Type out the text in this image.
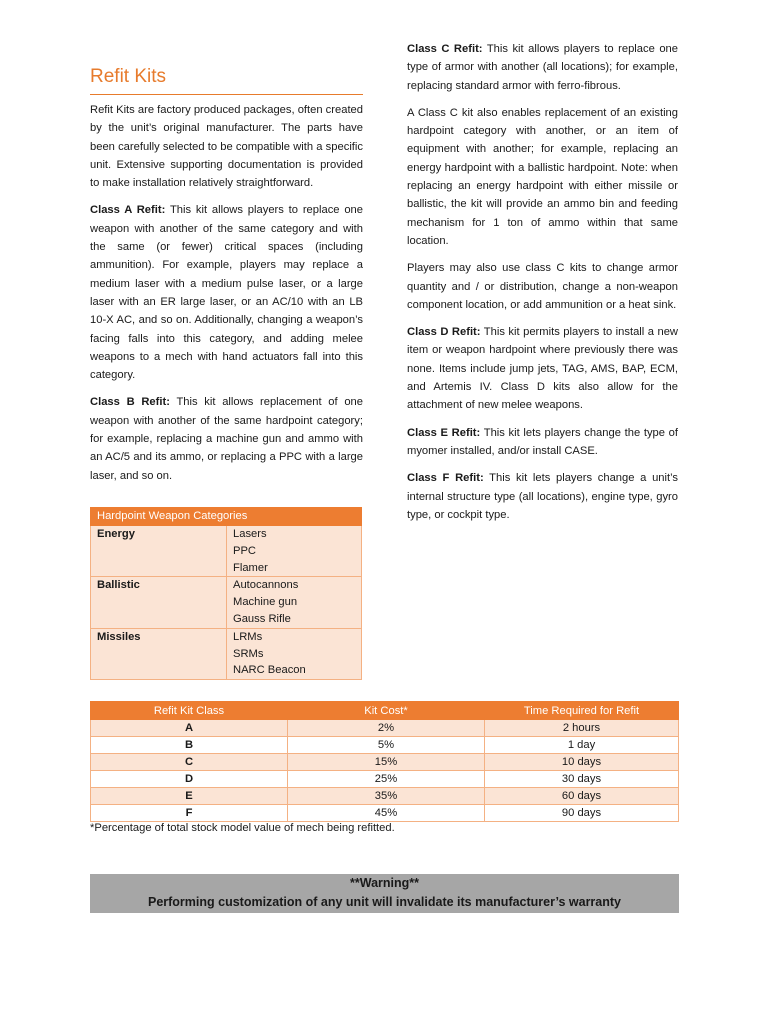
Refit Kits

Refit Kits are factory produced packages, often created by the unit’s original manufacturer. The parts have been carefully selected to be compatible with a specific unit. Extensive supporting documentation is provided to make installation relatively straightforward.

Class A Refit: This kit allows players to replace one weapon with another of the same category and with the same (or fewer) critical spaces (including ammunition). For example, players may replace a medium laser with a medium pulse laser, or a large laser with an ER large laser, or an AC/10 with an LB 10-X AC, and so on. Additionally, changing a weapon’s facing falls into this category, and adding melee weapons to a mech with hand actuators fall into this category.

Class B Refit: This kit allows replacement of one weapon with another of the same hardpoint category; for example, replacing a machine gun and ammo with an AC/5 and its ammo, or replacing a PPC with a large laser, and so on.

Class C Refit: This kit allows players to replace one type of armor with another (all locations); for example, replacing standard armor with ferro-fibrous.

A Class C kit also enables replacement of an existing hardpoint category with another, or an item of equipment with another; for example, replacing an energy hardpoint with a ballistic hardpoint. Note: when replacing an energy hardpoint with either missile or ballistic, the kit will provide an ammo bin and feeding mechanism for 1 ton of ammo within that same location.

Players may also use class C kits to change armor quantity and / or distribution, change a non-weapon component location, or add ammunition or a heat sink.

Class D Refit: This kit permits players to install a new item or weapon hardpoint where previously there was none. Items include jump jets, TAG, AMS, BAP, ECM, and Artemis IV. Class D kits also allow for the attachment of new melee weapons.

Class E Refit: This kit lets players change the type of myomer installed, and/or install CASE.

Class F Refit: This kit lets players change a unit’s internal structure type (all locations), engine type, gyro type, or cockpit type.

Hardpoint Weapon Categories	
Energy	Lasers
PPC
Flamer

Ballistic	Autocannons
Machine gun
Gauss Rifle

Missiles	LRMs
SRMs
NARC Beacon
Refit Kit Class	Kit Cost*	Time Required for Refit
A	2%	2 hours
B	5%	1 day
C	15%	10 days
D	25%	30 days
E	35%	60 days
F	45%	90 days
*Percentage of total stock model value of mech being refitted.
**Warning**
Performing customization of any unit will invalidate its manufacturer’s warranty
